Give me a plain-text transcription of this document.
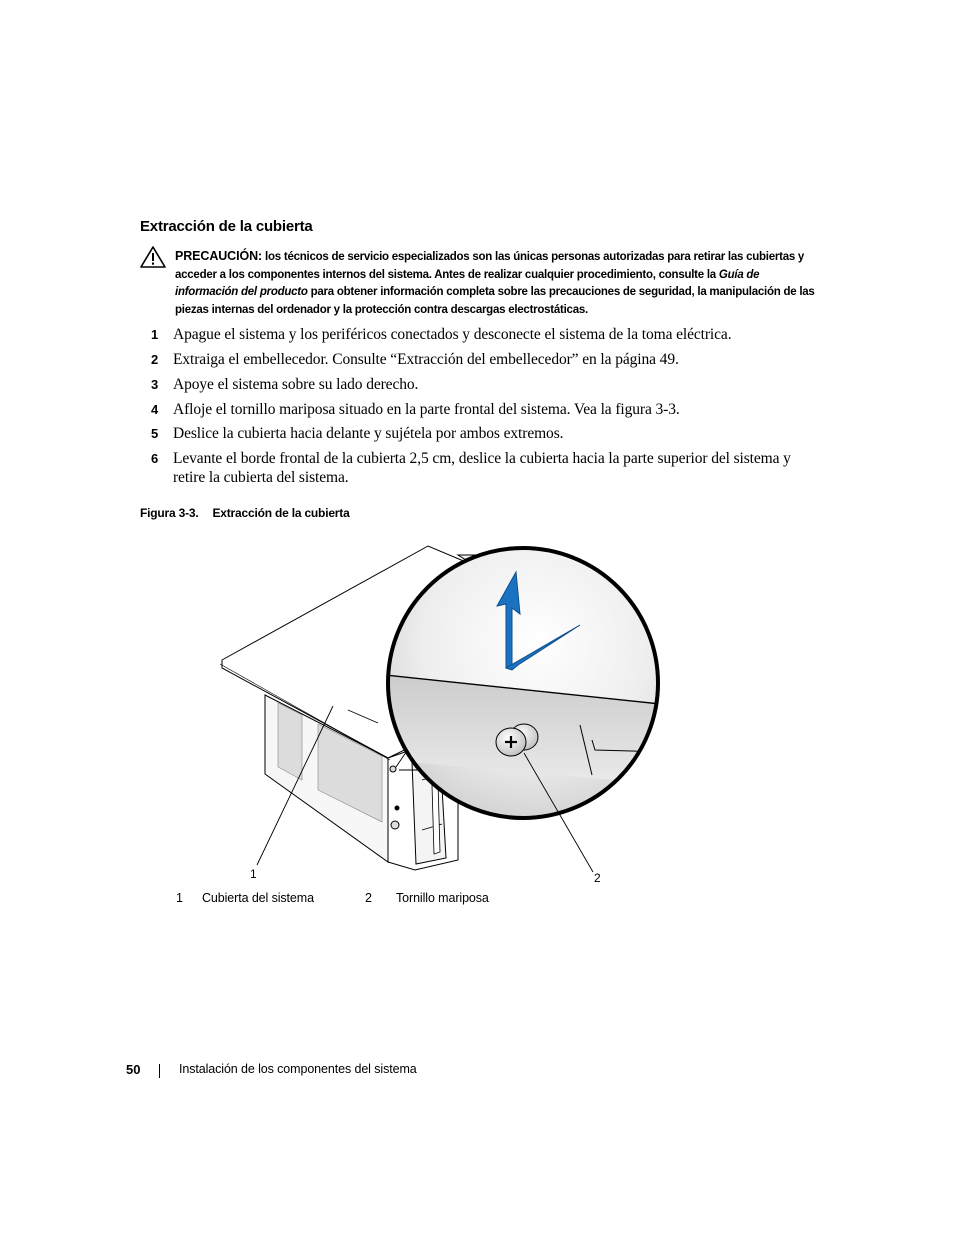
Extracción de la cubierta
PRECAUCIÓN: los técnicos de servicio especializados son las únicas personas autorizadas para retirar las cubiertas y acceder a los componentes internos del sistema. Antes de realizar cualquier procedimiento, consulte la Guía de información del producto para obtener información completa sobre las precauciones de seguridad, la manipulación de las piezas internas del ordenador y la protección contra descargas electrostáticas.
1 Apague el sistema y los periféricos conectados y desconecte el sistema de la toma eléctrica.
2 Extraiga el embellecedor. Consulte “Extracción del embellecedor” en la página 49.
3 Apoye el sistema sobre su lado derecho.
4 Afloje el tornillo mariposa situado en la parte frontal del sistema. Vea la figura 3-3.
5 Deslice la cubierta hacia delante y sujétela por ambos extremos.
6 Levante el borde frontal de la cubierta 2,5 cm, deslice la cubierta hacia la parte superior del sistema y retire la cubierta del sistema.
Figura 3-3. Extracción de la cubierta
1	2
1 Cubierta del sistema	2 Tornillo mariposa
50	Instalación de los componentes del sistema
